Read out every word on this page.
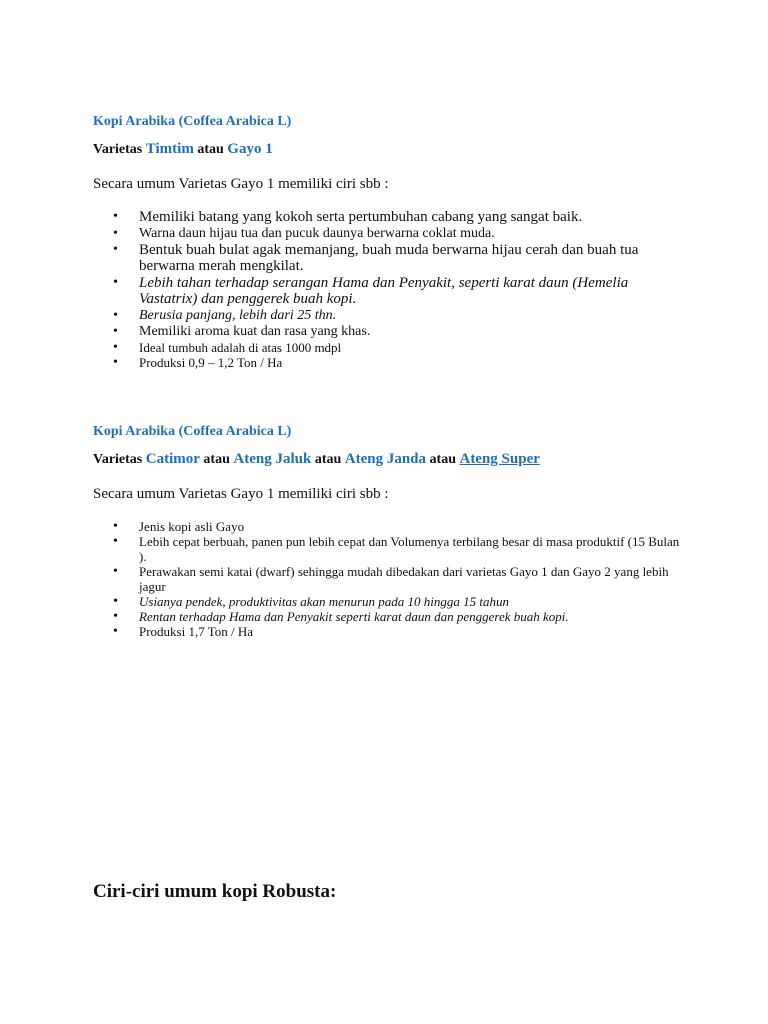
Kopi Arabika (Coffea Arabica L)

Varietas Timtim atau Gayo 1

Secara umum Varietas Gayo 1 memiliki ciri sbb :

• Memiliki batang yang kokoh serta pertumbuhan cabang yang sangat baik.
• Warna daun hijau tua dan pucuk daunya berwarna coklat muda.
• Bentuk buah bulat agak memanjang, buah muda berwarna hijau cerah dan buah tua berwarna merah mengkilat.
• Lebih tahan terhadap serangan Hama dan Penyakit, seperti karat daun (Hemelia Vastatrix) dan penggerek buah kopi.
• Berusia panjang, lebih dari 25 thn.
• Memiliki aroma kuat dan rasa yang khas.
• Ideal tumbuh adalah di atas 1000 mdpl
• Produksi 0,9 – 1,2 Ton / Ha
Kopi Arabika (Coffea Arabica L)

Varietas Catimor atau Ateng Jaluk atau Ateng Janda atau Ateng Super

Secara umum Varietas Gayo 1 memiliki ciri sbb :

• Jenis kopi asli Gayo
• Lebih cepat berbuah, panen pun lebih cepat dan Volumenya terbilang besar di masa produktif (15 Bulan ).
• Perawakan semi katai (dwarf) sehingga mudah dibedakan dari varietas Gayo 1 dan Gayo 2 yang lebih jagur
• Usianya pendek, produktivitas akan menurun pada 10 hingga 15 tahun
• Rentan terhadap Hama dan Penyakit seperti karat daun dan penggerek buah kopi.
• Produksi 1,7 Ton / Ha
Ciri-ciri umum kopi Robusta:
